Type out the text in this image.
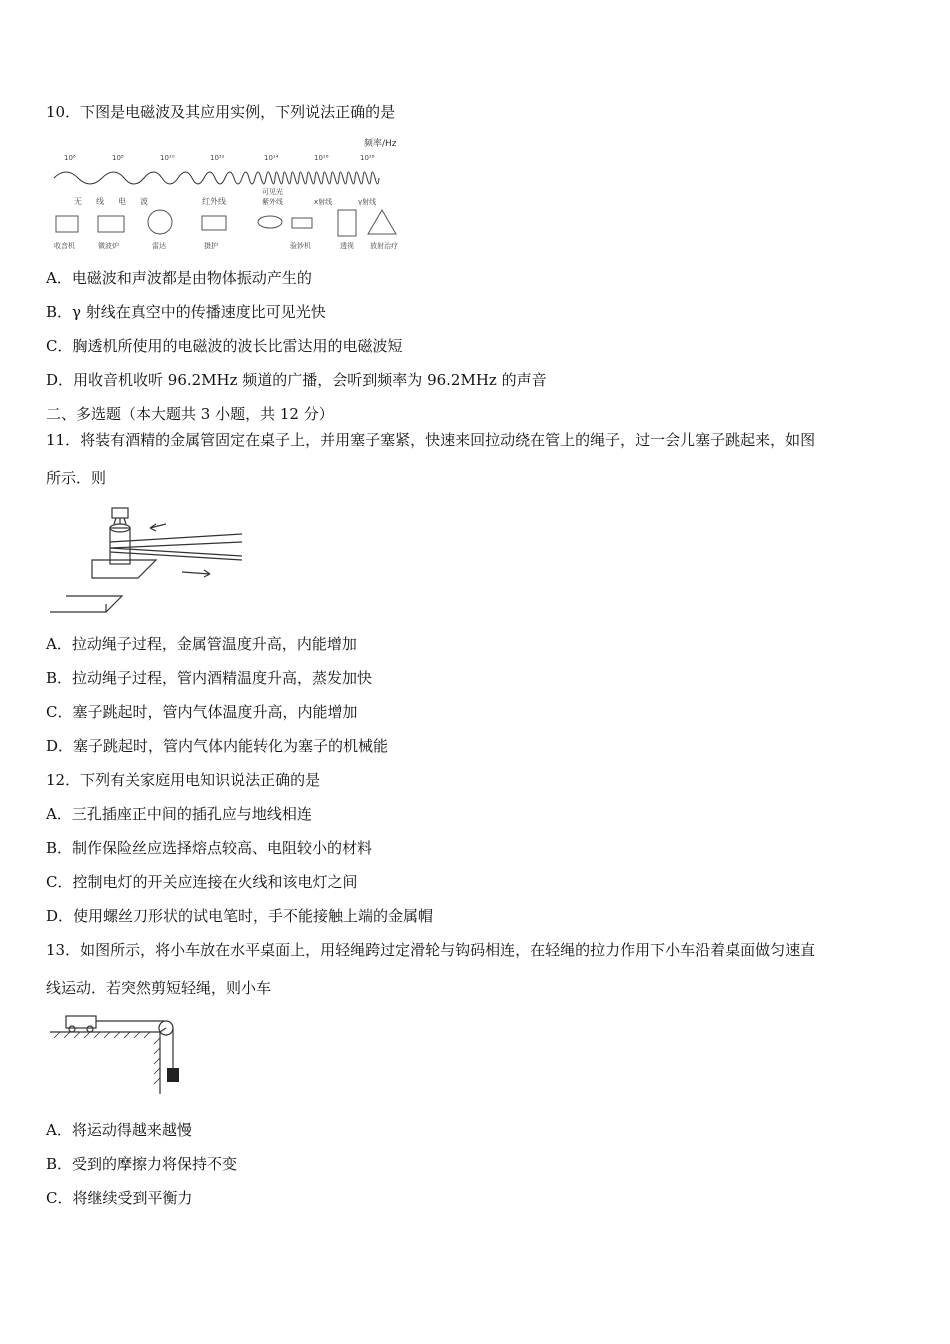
10．下图是电磁波及其应用实例，下列说法正确的是
频率/Hz
10⁶	10⁸	10¹⁰	10¹²	10¹⁴	10¹⁶	10¹⁸
无 线 电 波	红外线
可见光
紫外线	x射线	γ射线
收音机	微波炉	雷达	摄护	验钞机	透视 放射治疗
A．电磁波和声波都是由物体振动产生的
B．γ 射线在真空中的传播速度比可见光快
C．胸透机所使用的电磁波的波长比雷达用的电磁波短
D．用收音机收听 96.2MHz 频道的广播，会听到频率为 96.2MHz 的声音
二、多选题（本大题共 3 小题，共 12 分）
11．将装有酒精的金属管固定在桌子上，并用塞子塞紧，快速来回拉动绕在管上的绳子，过一会儿塞子跳起来，如图
所示．则
A．拉动绳子过程，金属管温度升高，内能增加
B．拉动绳子过程，管内酒精温度升高，蒸发加快
C．塞子跳起时，管内气体温度升高，内能增加
D．塞子跳起时，管内气体内能转化为塞子的机械能
12．下列有关家庭用电知识说法正确的是
A．三孔插座正中间的插孔应与地线相连
B．制作保险丝应选择熔点较高、电阻较小的材料
C．控制电灯的开关应连接在火线和该电灯之间
D．使用螺丝刀形状的试电笔时，手不能接触上端的金属帽
13．如图所示，将小车放在水平桌面上，用轻绳跨过定滑轮与钩码相连，在轻绳的拉力作用下小车沿着桌面做匀速直
线运动．若突然剪短轻绳，则小车
A．将运动得越来越慢
B．受到的摩擦力将保持不变
C．将继续受到平衡力
